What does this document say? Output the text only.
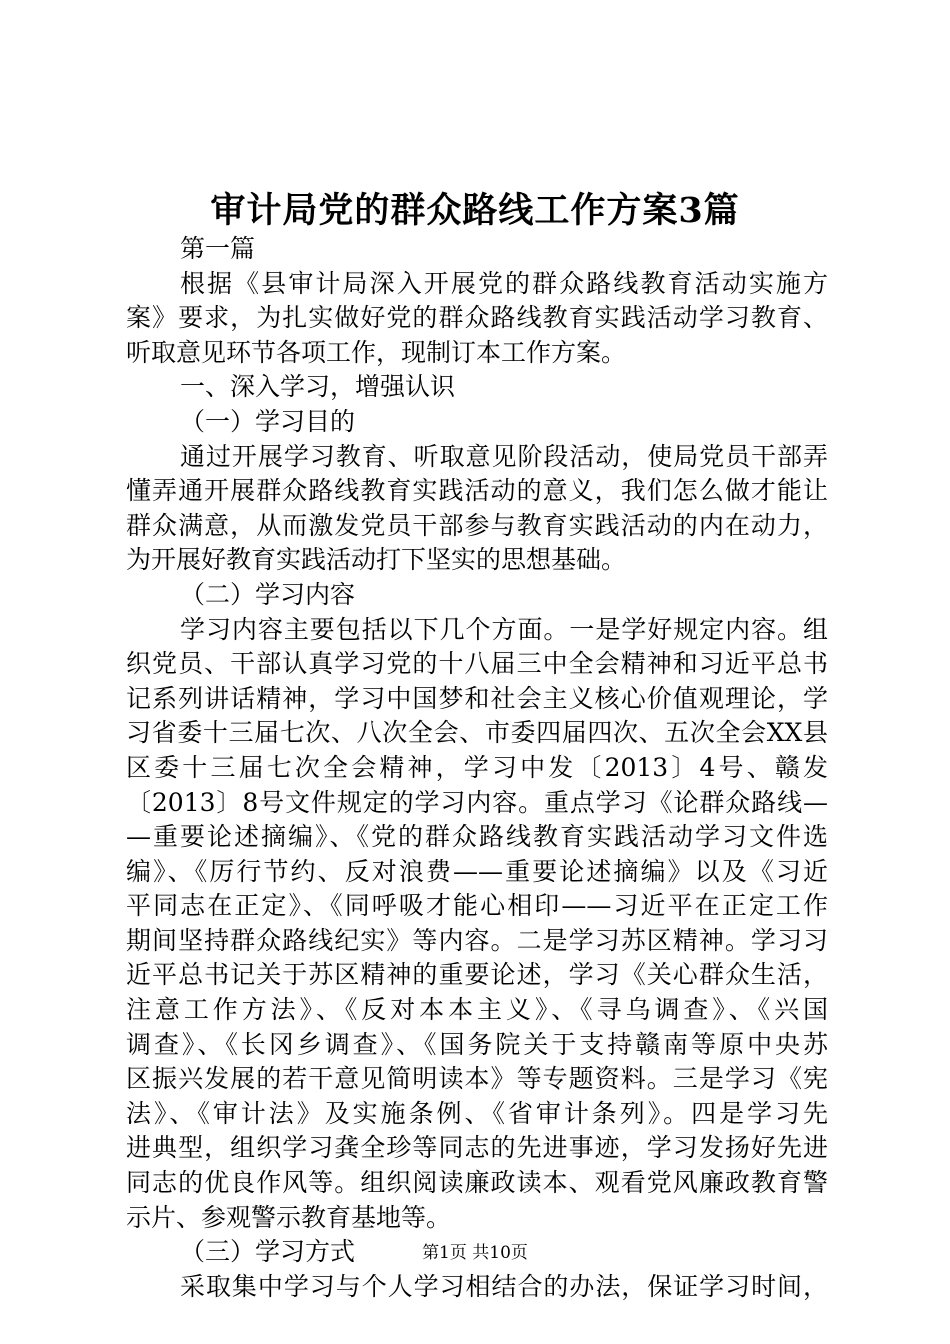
审计局党的群众路线工作方案3篇
第一篇
根据《县审计局深入开展党的群众路线教育活动实施方
案》要求，为扎实做好党的群众路线教育实践活动学习教育、
听取意见环节各项工作，现制订本工作方案。
一、深入学习，增强认识
（一）学习目的
通过开展学习教育、听取意见阶段活动，使局党员干部弄
懂弄通开展群众路线教育实践活动的意义，我们怎么做才能让
群众满意，从而激发党员干部参与教育实践活动的内在动力，
为开展好教育实践活动打下坚实的思想基础。
（二）学习内容
学习内容主要包括以下几个方面。一是学好规定内容。组
织党员、干部认真学习党的十八届三中全会精神和习近平总书
记系列讲话精神，学习中国梦和社会主义核心价值观理论，学
习省委十三届七次、八次全会、市委四届四次、五次全会XX县
区委十三届七次全会精神，学习中发〔2013〕4号、赣发
〔2013〕8号文件规定的学习内容。重点学习《论群众路线—
—重要论述摘编》、《党的群众路线教育实践活动学习文件选
编》、《厉行节约、反对浪费——重要论述摘编》以及《习近
平同志在正定》、《同呼吸才能心相印——习近平在正定工作
期间坚持群众路线纪实》等内容。二是学习苏区精神。学习习
近平总书记关于苏区精神的重要论述，学习《关心群众生活，
注意工作方法》、《反对本本主义》、《寻乌调查》、《兴国
调查》、《长冈乡调查》、《国务院关于支持赣南等原中央苏
区振兴发展的若干意见简明读本》等专题资料。三是学习《宪
法》、《审计法》及实施条例、《省审计条列》。四是学习先
进典型，组织学习龚全珍等同志的先进事迹，学习发扬好先进
同志的优良作风等。组织阅读廉政读本、观看党风廉政教育警
示片、参观警示教育基地等。
（三）学习方式
采取集中学习与个人学习相结合的办法，保证学习时间，
第1页 共10页
